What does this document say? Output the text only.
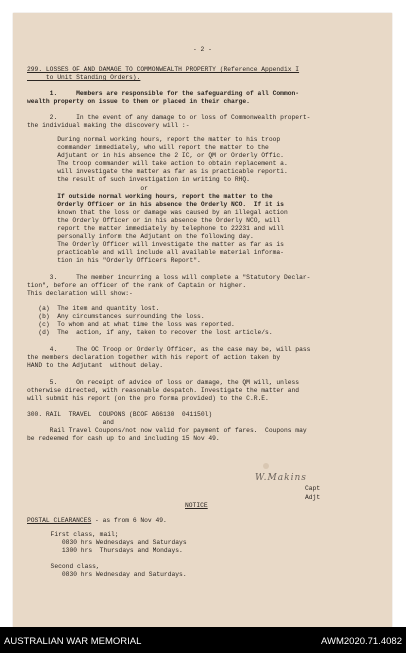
- 2 -
299. LOSSES OF AND DAMAGE TO COMMONWEALTH PROPERTY (Reference Appendix I
to Unit Standing Orders).
1.     Members are responsible for the safeguarding of all Common-
wealth property on issue to them or placed in their charge.
2.     In the event of any damage to or loss of Commonwealth propert-
the individual making the discovery will :-
During normal working hours, report the matter to his troop
commander immediately, who will report the matter to the
Adjutant or in his absence the 2 IC, or QM or Orderly Offic.
The troop commander will take action to obtain replacement a.
will investigate the matter as far as is practicable reporti.
the result of such investigation in writing to RHQ.
or
If outside normal working hours, report the matter to the
Orderly Officer or in his absence the Orderly NCO.  If it is
known that the loss or damage was caused by an illegal action
the Orderly Officer or in his absence the Orderly NCO, will
report the matter immediately by telephone to 22231 and will
personally inform the Adjutant on the following day.
The Orderly Officer will investigate the matter as far as is
practicable and will include all available material informa-
tion in his "Orderly Officers Report".
3.     The member incurring a loss will complete a "Statutory Declar-
tion", before an officer of the rank of Captain or higher.
This declaration will show:-
(a)  The item and quantity lost.
(b)  Any circumstances surrounding the loss.
(c)  To whom and at what time the loss was reported.
(d)  The  action, if any, taken to recover the lost article/s.
4.     The OC Troop or Orderly Officer, as the case may be, will pass
the members declaration together with his report of action taken by
HAND to the Adjutant  without delay.
5.     On receipt of advice of loss or damage, the QM will, unless
otherwise directed, with reasonable despatch. Investigate the matter and
will submit his report (on the pro forma provided) to the C.R.E.
300. RAIL  TRAVEL  COUPONS (BCOF AG6130  041150l)
and
Rail Travel Coupons/not now valid for payment of fares.  Coupons may
be redeemed for cash up to and including 15 Nov 49.
W.Makins
Capt
Adjt
NOTICE
POSTAL CLEARANCES - as from 6 Nov 49.
First class, mail;
0830 hrs Wednesdays and Saturdays
1300 hrs  Thursdays and Mondays.
Second class,
0830 hrs Wednesday and Saturdays.
AUSTRALIAN WAR MEMORIAL	AWM2020.71.4082
